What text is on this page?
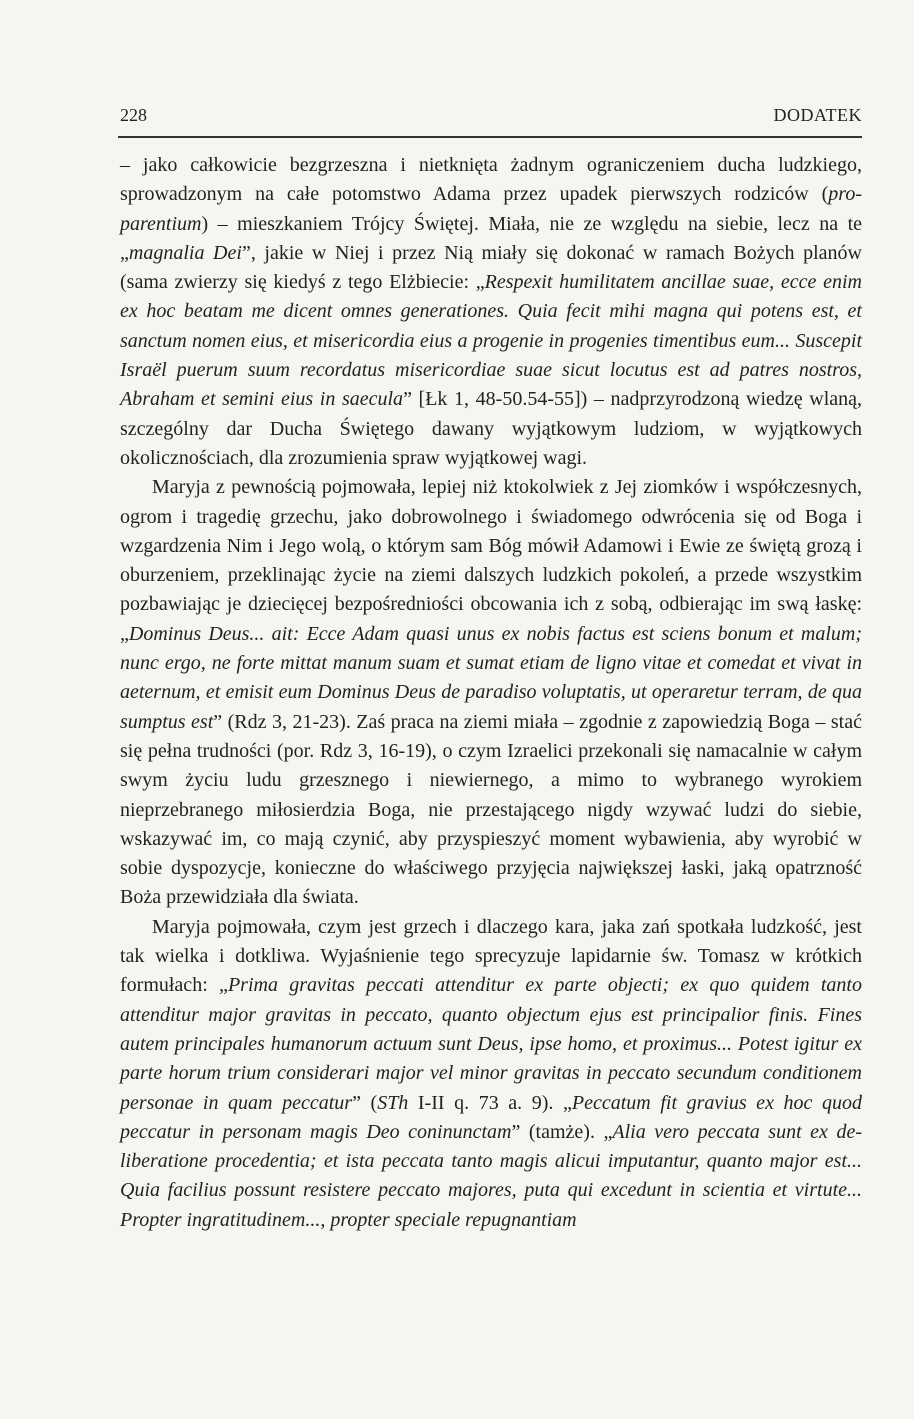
228	DODATEK

– jako całkowicie bezgrzeszna i nietknięta żadnym ograniczeniem ducha ludzkiego, sprowadzonym na całe potomstwo Adama przez upadek pierwszych rodziców (pro-parentium) – mieszkaniem Trójcy Świętej. Miała, nie ze względu na siebie, lecz na te „magnalia Dei”, jakie w Niej i przez Nią miały się dokonać w ramach Bożych planów (sama zwierzy się kiedyś z tego Elżbiecie: „Respexit humilitatem ancillae suae, ecce enim ex hoc beatam me dicent omnes generationes. Quia fecit mihi magna qui potens est, et sanctum nomen eius, et misericordia eius a progenie in progenies timentibus eum... Suscepit Israël puerum suum recordatus misericordiae suae sicut locutus est ad patres nostros, Abraham et semini eius in saecula” [Łk 1, 48-50.54-55]) – nadprzyrodzoną wiedzę wlaną, szczególny dar Ducha Świętego dawany wyjątkowym ludziom, w wyjątkowych okolicznościach, dla zrozumienia spraw wyjątkowej wagi.

Maryja z pewnością pojmowała, lepiej niż ktokolwiek z Jej ziomków i współczesnych, ogrom i tragedię grzechu, jako dobrowolnego i świadomego odwrócenia się od Boga i wzgardzenia Nim i Jego wolą, o którym sam Bóg mówił Adamowi i Ewie ze świętą grozą i oburzeniem, przeklinając życie na ziemi dalszych ludzkich pokoleń, a przede wszystkim pozbawiając je dziecięcej bezpośredniości obcowania ich z sobą, odbierając im swą łaskę: „Dominus Deus... ait: Ecce Adam quasi unus ex nobis factus est sciens bonum et malum; nunc ergo, ne forte mittat manum suam et sumat etiam de ligno vitae et comedat et vivat in aeternum, et emisit eum Dominus Deus de paradiso voluptatis, ut operaretur terram, de qua sumptus est” (Rdz 3, 21-23). Zaś praca na ziemi miała – zgodnie z zapowiedzią Boga – stać się pełna trudności (por. Rdz 3, 16-19), o czym Izraelici przekonali się namacalnie w całym swym życiu ludu grzesznego i niewiernego, a mimo to wybranego wyrokiem nieprzebranego miłosierdzia Boga, nie przestającego nigdy wzywać ludzi do siebie, wskazywać im, co mają czynić, aby przyspieszyć moment wybawienia, aby wyrobić w sobie dyspozycje, konieczne do właściwego przyjęcia największej łaski, jaką opatrzność Boża przewidziała dla świata.

Maryja pojmowała, czym jest grzech i dlaczego kara, jaka zań spotkała ludzkość, jest tak wielka i dotkliwa. Wyjaśnienie tego sprecyzuje lapidarnie św. Tomasz w krótkich formułach: „Prima gravitas peccati attenditur ex parte objecti; ex quo quidem tanto attenditur major gravitas in peccato, quanto objectum ejus est principalior finis. Fines autem principales humanorum actuum sunt Deus, ipse homo, et proximus... Potest igitur ex parte horum trium considerari major vel minor gravitas in peccato secundum conditionem personae in quam peccatur” (STh I-II q. 73 a. 9). „Peccatum fit gravius ex hoc quod peccatur in personam magis Deo coninunctam” (tamże). „Alia vero peccata sunt ex deliberatione procedentia; et ista peccata tanto magis alicui imputantur, quanto major est... Quia facilius possunt resistere peccato majores, puta qui excedunt in scientia et virtute... Propter ingratitudinem..., propter speciale repugnantiam
